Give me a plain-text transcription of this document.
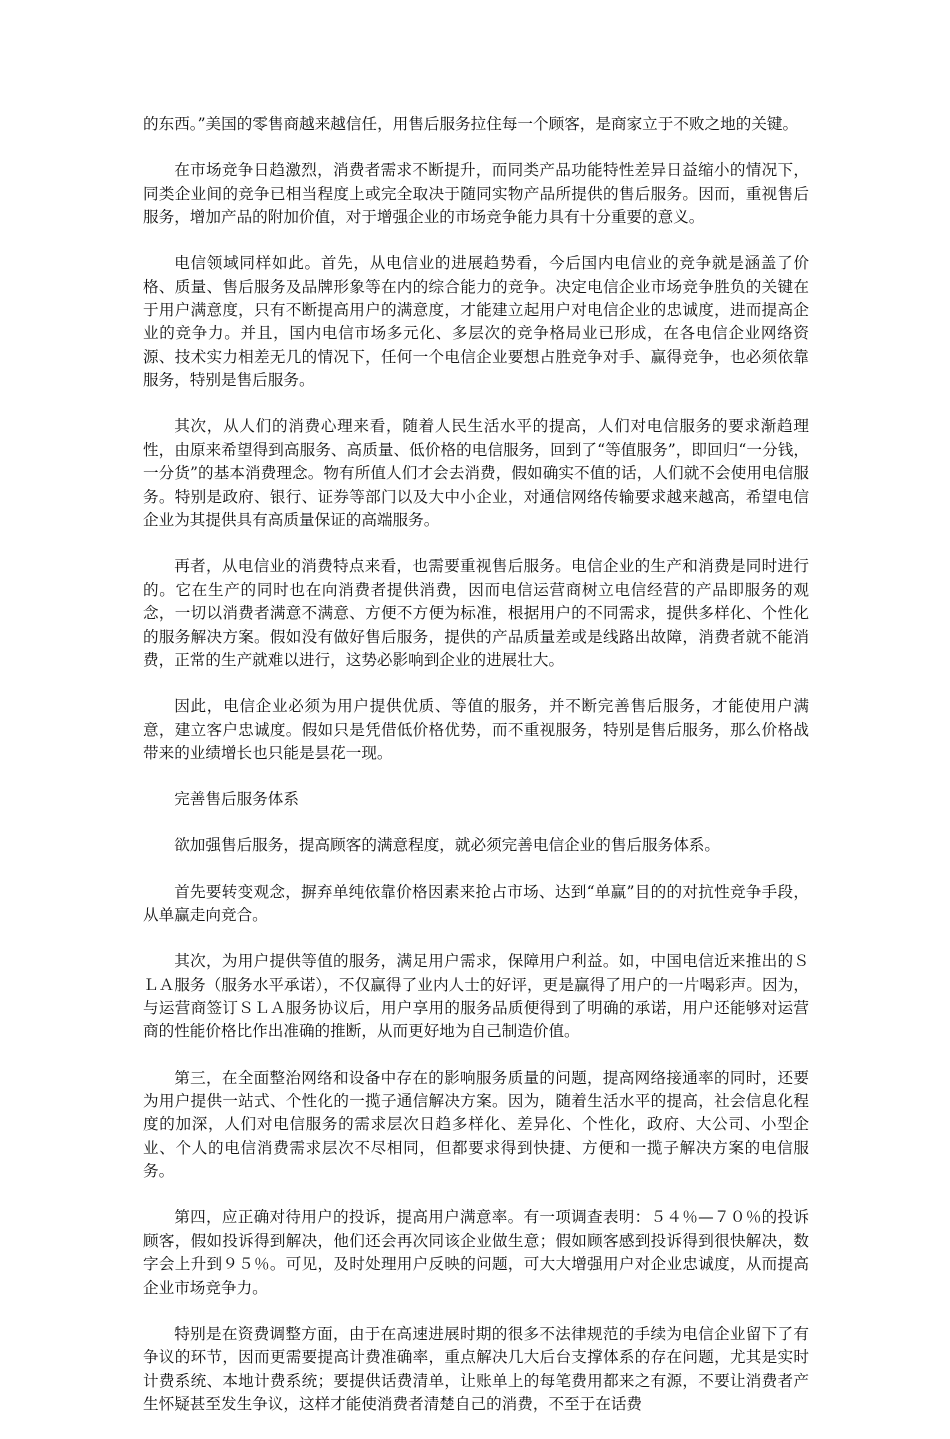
的东西。”美国的零售商越来越信任，用售后服务拉住每一个顾客，是商家立于不败之地的关键。

在市场竞争日趋激烈，消费者需求不断提升，而同类产品功能特性差异日益缩小的情况下，同类企业间的竞争已相当程度上或完全取决于随同实物产品所提供的售后服务。因而，重视售后服务，增加产品的附加价值，对于增强企业的市场竞争能力具有十分重要的意义。

电信领域同样如此。首先，从电信业的进展趋势看，今后国内电信业的竞争就是涵盖了价格、质量、售后服务及品牌形象等在内的综合能力的竞争。决定电信企业市场竞争胜负的关键在于用户满意度，只有不断提高用户的满意度，才能建立起用户对电信企业的忠诚度，进而提高企业的竞争力。并且，国内电信市场多元化、多层次的竞争格局业已形成，在各电信企业网络资源、技术实力相差无几的情况下，任何一个电信企业要想占胜竞争对手、赢得竞争，也必须依靠服务，特别是售后服务。

其次，从人们的消费心理来看，随着人民生活水平的提高，人们对电信服务的要求渐趋理性，由原来希望得到高服务、高质量、低价格的电信服务，回到了“等值服务”，即回归“一分钱，一分货”的基本消费理念。物有所值人们才会去消费，假如确实不值的话，人们就不会使用电信服务。特别是政府、银行、证券等部门以及大中小企业，对通信网络传输要求越来越高，希望电信企业为其提供具有高质量保证的高端服务。

再者，从电信业的消费特点来看，也需要重视售后服务。电信企业的生产和消费是同时进行的。它在生产的同时也在向消费者提供消费，因而电信运营商树立电信经营的产品即服务的观念，一切以消费者满意不满意、方便不方便为标准，根据用户的不同需求，提供多样化、个性化的服务解决方案。假如没有做好售后服务，提供的产品质量差或是线路出故障，消费者就不能消费，正常的生产就难以进行，这势必影响到企业的进展壮大。

因此，电信企业必须为用户提供优质、等值的服务，并不断完善售后服务，才能使用户满意，建立客户忠诚度。假如只是凭借低价格优势，而不重视服务，特别是售后服务，那么价格战带来的业绩增长也只能是昙花一现。

完善售后服务体系

欲加强售后服务，提高顾客的满意程度，就必须完善电信企业的售后服务体系。

首先要转变观念，摒弃单纯依靠价格因素来抢占市场、达到“单赢”目的的对抗性竞争手段，从单赢走向竞合。

其次，为用户提供等值的服务，满足用户需求，保障用户利益。如，中国电信近来推出的ＳＬＡ服务（服务水平承诺），不仅赢得了业内人士的好评，更是赢得了用户的一片喝彩声。因为，与运营商签订ＳＬＡ服务协议后，用户享用的服务品质便得到了明确的承诺，用户还能够对运营商的性能价格比作出准确的推断，从而更好地为自己制造价值。

第三，在全面整治网络和设备中存在的影响服务质量的问题，提高网络接通率的同时，还要为用户提供一站式、个性化的一揽子通信解决方案。因为，随着生活水平的提高，社会信息化程度的加深，人们对电信服务的需求层次日趋多样化、差异化、个性化，政府、大公司、小型企业、个人的电信消费需求层次不尽相同，但都要求得到快捷、方便和一揽子解决方案的电信服务。

第四，应正确对待用户的投诉，提高用户满意率。有一项调查表明：５４％—７０％的投诉顾客，假如投诉得到解决，他们还会再次同该企业做生意；假如顾客感到投诉得到很快解决，数字会上升到９５％。可见，及时处理用户反映的问题，可大大增强用户对企业忠诚度，从而提高企业市场竞争力。

特别是在资费调整方面，由于在高速进展时期的很多不法律规范的手续为电信企业留下了有争议的环节，因而更需要提高计费准确率，重点解决几大后台支撑体系的存在问题，尤其是实时计费系统、本地计费系统；要提供话费清单，让账单上的每笔费用都来之有源，不要让消费者产生怀疑甚至发生争议，这样才能使消费者清楚自己的消费，不至于在话费
